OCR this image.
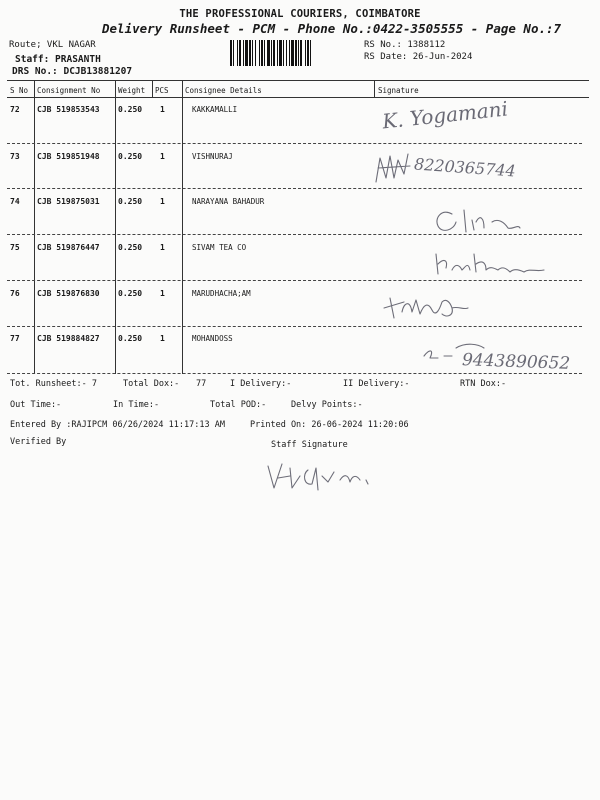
THE PROFESSIONAL COURIERS, COIMBATORE
Delivery Runsheet - PCM - Phone No.:0422-3505555 - Page No.:7
Route; VKL NAGAR
Staff: PRASANTH
DRS No.: DCJB13881207
RS No.: 1388112
RS Date: 26-Jun-2024
S No Consignment No Weight PCS Consignee Details	Signature
72 CJB 519853543 0.250 1	KAKKAMALLI
73 CJB 519851948 0.250 1	VISHNURAJ
74 CJB 519875031 0.250 1	NARAYANA BAHADUR
75 CJB 519876447 0.250 1	SIVAM TEA CO
76 CJB 519876830 0.250 1	MARUDHACHA;AM
77 CJB 519884827 0.250 1	MOHANDOSS
K. Yogamani
8220365744
9443890652
Tot. Runsheet:- 7	Total Dox:- 77	I Delivery:-	II Delivery:-	RTN Dox:-
Out Time:-	In Time:-	Total POD:-	Delvy Points:-
Entered By :RAJIPCM 06/26/2024 11:17:13 AM	Printed On: 26-06-2024 11:20:06
Verified By	Staff Signature
